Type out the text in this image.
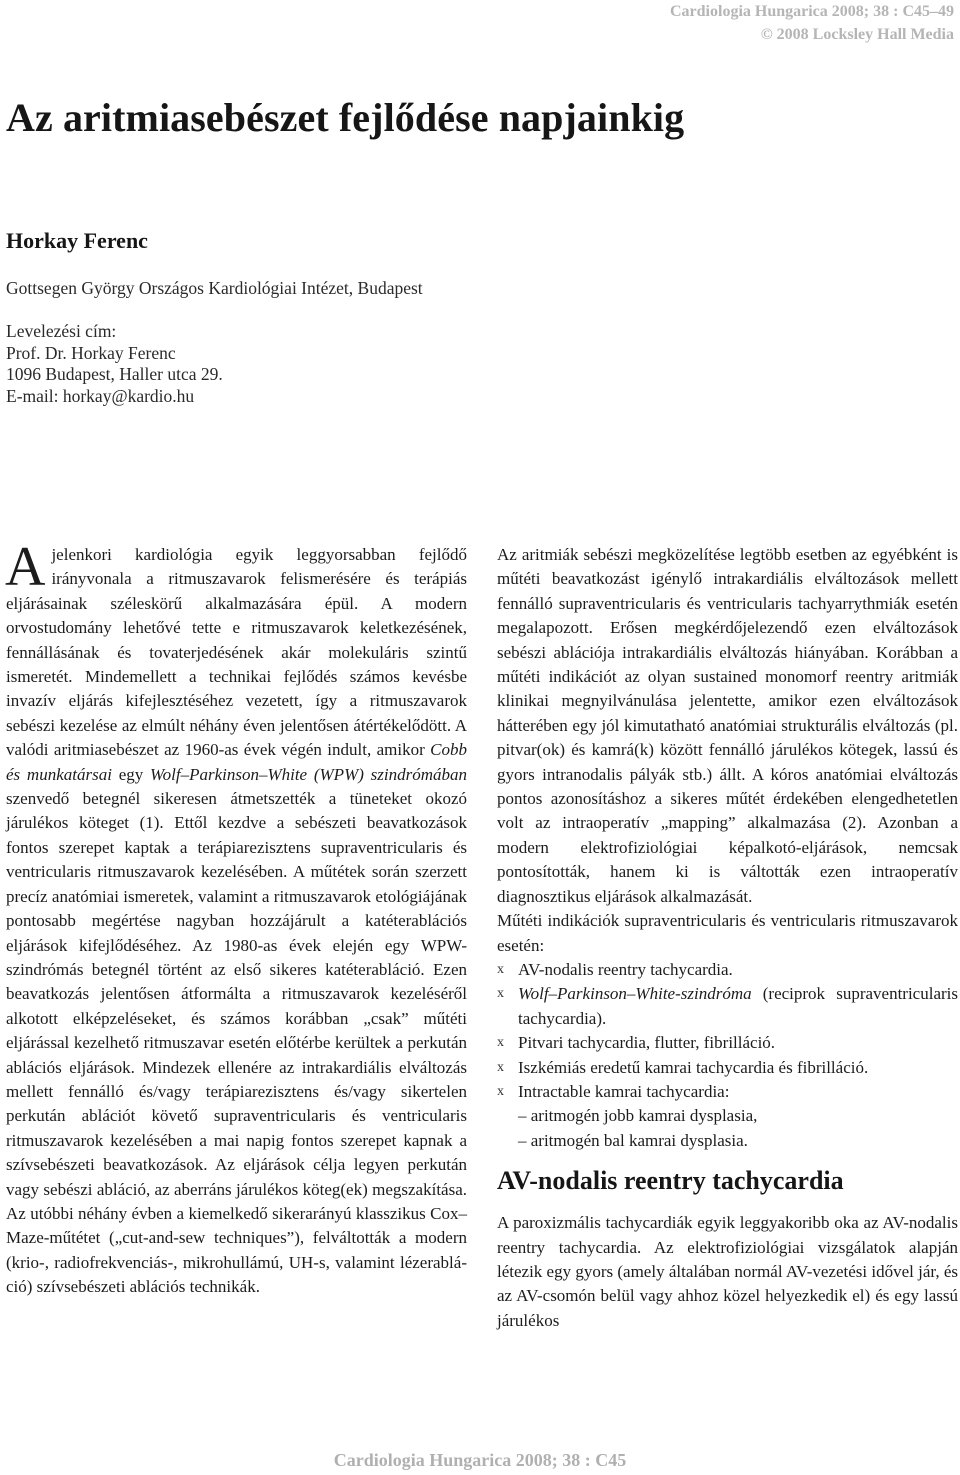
Cardiologia Hungarica 2008; 38 : C45–49
© 2008 Locksley Hall Media
Az aritmiasebészet fejlődése napjainkig
Horkay Ferenc
Gottsegen György Országos Kardiológiai Intézet, Budapest
Levelezési cím:
Prof. Dr. Horkay Ferenc
1096 Budapest, Haller utca 29.
E-mail: horkay@kardio.hu

Ajelenkori kardiológia egyik leggyorsabban fejlődő irányvonala a ritmuszavarok felismerésére és terápiás eljárásainak széleskörű alkalmazására épül. A modern orvostudomány lehetővé tette e ritmuszavarok keletkezésének, fennállásának és tovaterjedésének akár molekuláris szintű ismeretét. Mindemellett a technikai fejlődés számos kevésbe invazív eljárás kifejlesztéséhez vezetett, így a ritmuszavarok sebészi kezelése az elmúlt néhány éven jelentősen átértékelődött. A valódi aritmiasebészet az 1960-as évek végén indult, amikor Cobb és munkatársai egy Wolf–Parkinson–White (WPW) szindrómában szenvedő betegnél sikeresen átmetszették a tüneteket okozó járulékos köteget (1). Ettől kezdve a sebészeti beavatkozások fontos szerepet kaptak a terápiarezisztens supraventricularis és ventricularis ritmuszavarok kezelésében. A műtétek során szerzett precíz anatómiai ismeretek, valamint a ritmuszavarok etológiájának pontosabb megértése nagyban hozzájárult a katéterablációs eljárások kifejlődéséhez. Az 1980-as évek elején egy WPW-szindrómás betegnél történt az első sikeres katéterabláció. Ezen beavatkozás jelentősen átformálta a ritmuszavarok kezeléséről alkotott elképzeléseket, és számos korábban „csak” műtéti eljárással kezelhető ritmuszavar esetén előtérbe kerültek a perkután ablációs eljárások. Mindezek ellenére az intrakardiális elváltozás mellett fennálló és/vagy terápiarezisztens és/vagy sikertelen perkután ablációt követő supraventricularis és ventricularis ritmuszavarok kezelésében a mai napig fontos szerepet kapnak a szívsebészeti beavatkozások. Az eljárások célja legyen perkután vagy sebészi abláció, az aberráns járulékos köteg(ek) megszakítása. Az utóbbi néhány évben a kiemelkedő sikerarányú klasszikus Cox–Maze-műtétet („cut-and-sew techniques”), felváltották a modern (krio-, radiofrekvenciás-, mikrohullámú, UH-s, valamint lézerablá-ció) szívsebészeti ablációs technikák.

Az aritmiák sebészi megközelítése legtöbb esetben az egyébként is műtéti beavatkozást igénylő intrakardiális elváltozások mellett fennálló supraventricularis és ventricularis tachyarrythmiák esetén megalapozott. Erősen megkérdőjelezendő ezen elváltozások sebészi ablációja intrakardiális elváltozás hiányában. Korábban a műtéti indikációt az olyan sustained monomorf reentry aritmiák klinikai megnyilvánulása jelentette, amikor ezen elváltozások hátterében egy jól kimutatható anatómiai strukturális elváltozás (pl. pitvar(ok) és kamrá(k) között fennálló járulékos kötegek, lassú és gyors intranodalis pályák stb.) állt. A kóros anatómiai elváltozás pontos azonosításhoz a sikeres műtét érdekében elengedhetetlen volt az intraoperatív „mapping” alkalmazása (2). Azonban a modern elektrofiziológiai képalkotó-eljárások, nemcsak pontosították, hanem ki is váltották ezen intraoperatív diagnosztikus eljárások alkalmazását.

Műtéti indikációk supraventricularis és ventricularis ritmuszavarok esetén:

x AV-nodalis reentry tachycardia.
x Wolf–Parkinson–White-szindróma (reciprok supraventricularis tachycardia).
x Pitvari tachycardia, flutter, fibrilláció.
x Iszkémiás eredetű kamrai tachycardia és fibrilláció.
x Intractable kamrai tachycardia:
– aritmogén jobb kamrai dysplasia,
– aritmogén bal kamrai dysplasia.
AV-nodalis reentry tachycardia

A paroxizmális tachycardiák egyik leggyakoribb oka az AV-nodalis reentry tachycardia. Az elektrofiziológiai vizsgálatok alapján létezik egy gyors (amely általában normál AV-vezetési idővel jár, és az AV-csomón belül vagy ahhoz közel helyezkedik el) és egy lassú járulékos

Cardiologia Hungarica 2008; 38 : C45
